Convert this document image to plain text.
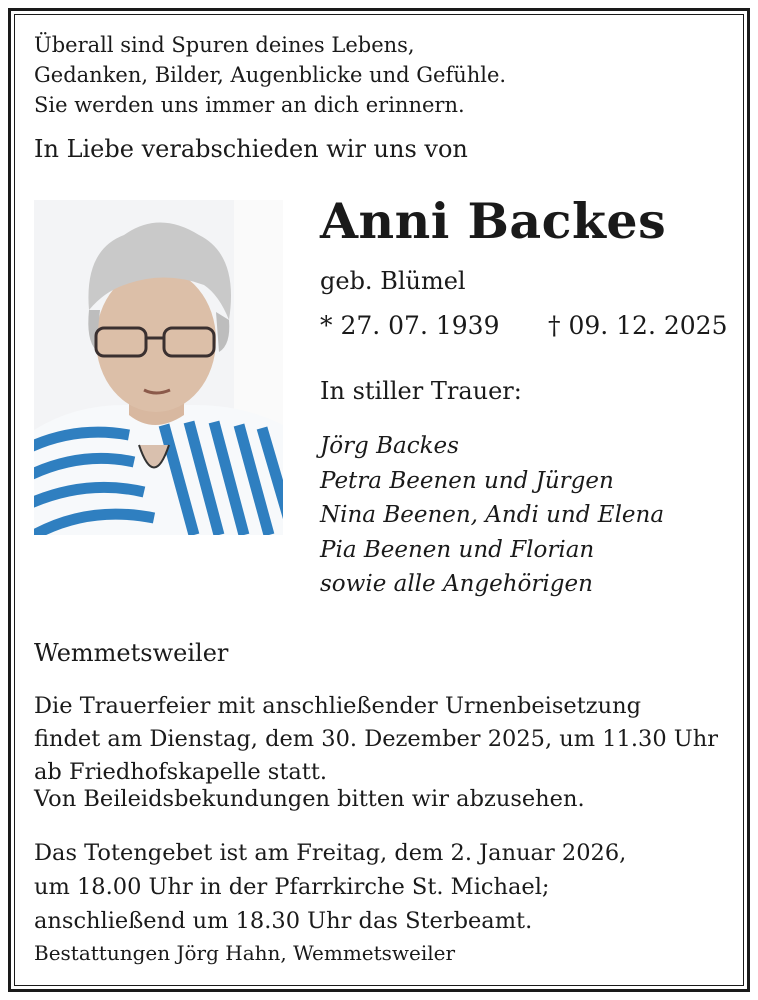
Überall sind Spuren deines Lebens,
Gedanken, Bilder, Augenblicke und Gefühle.
Sie werden uns immer an dich erinnern.
In Liebe verabschieden wir uns von
Anni Backes
geb. Blümel
* 27. 07. 1939 † 09. 12. 2025
In stiller Trauer:
Jörg Backes
Petra Beenen und Jürgen
Nina Beenen, Andi und Elena
Pia Beenen und Florian
sowie alle Angehörigen
Wemmetsweiler
Die Trauerfeier mit anschließender Urnenbeisetzung
findet am Dienstag, dem 30. Dezember 2025, um 11.30 Uhr
ab Friedhofskapelle statt.
Von Beileidsbekundungen bitten wir abzusehen.
Das Totengebet ist am Freitag, dem 2. Januar 2026,
um 18.00 Uhr in der Pfarrkirche St. Michael;
anschließend um 18.30 Uhr das Sterbeamt.
Bestattungen Jörg Hahn, Wemmetsweiler
